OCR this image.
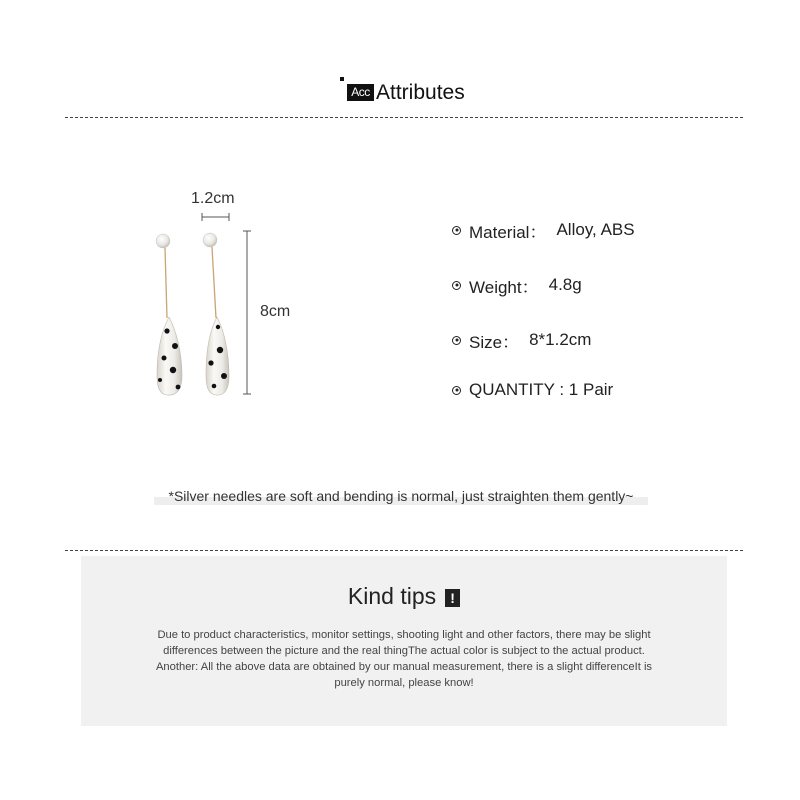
Acc Attributes
1.2cm
8cm
Material： Alloy, ABS
Weight： 4.8g
Size： 8*1.2cm
QUANTITY : 1 Pair
*Silver needles are soft and bending is normal, just straighten them gently~
Kind tips !
Due to product characteristics, monitor settings, shooting light and other factors, there may be slight
differences between the picture and the real thingThe actual color is subject to the actual product.
Another: All the above data are obtained by our manual measurement, there is a slight differenceIt is
purely normal, please know!
